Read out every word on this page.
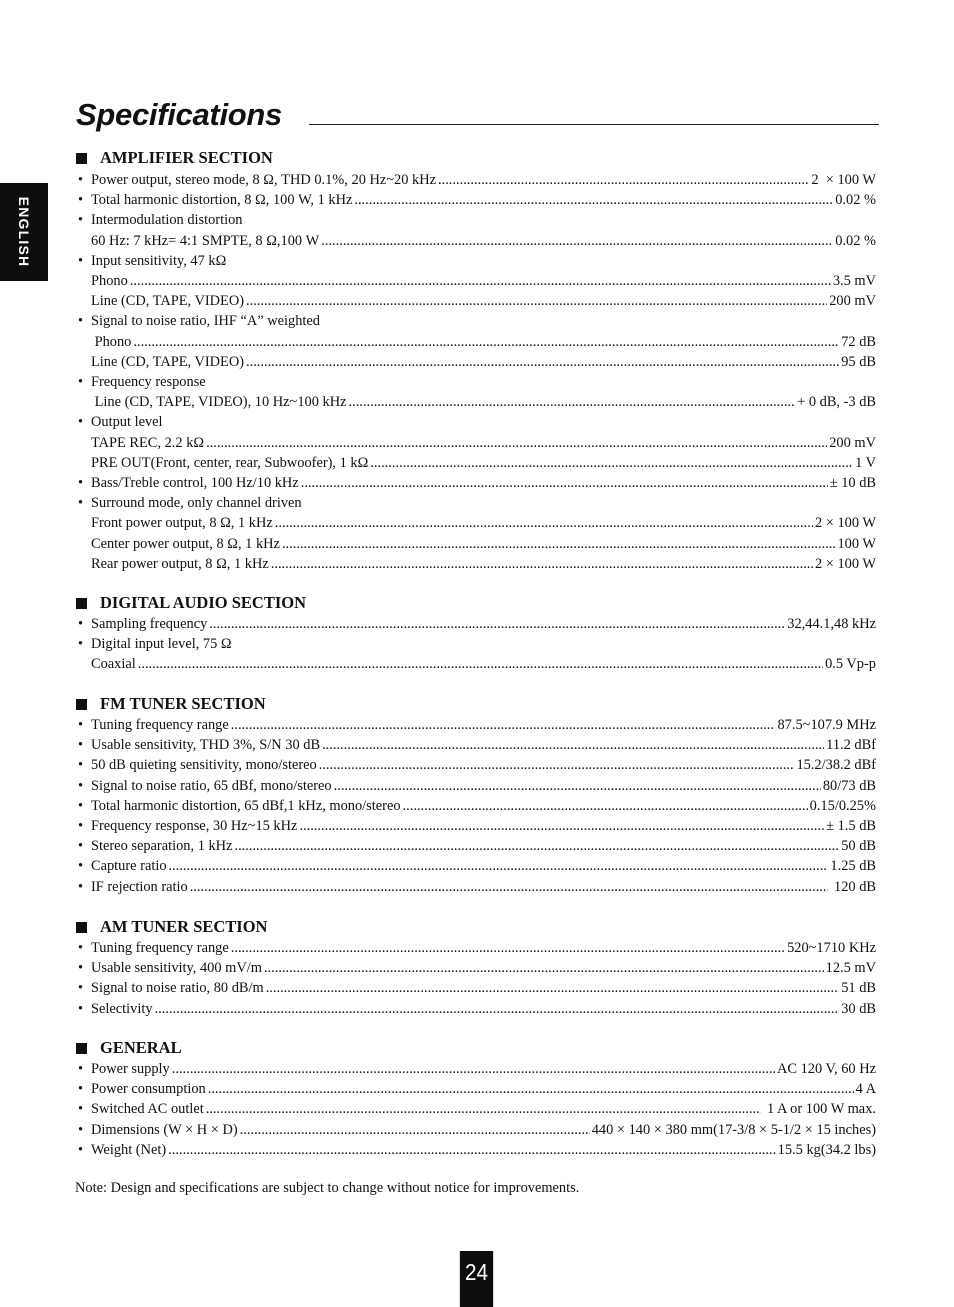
Specifications
ENGLISH
AMPLIFIER SECTION
• Power output, stereo mode, 8 Ω, THD 0.1%, 20 Hz~20 kHz .....	2  × 100 W
• Total harmonic distortion, 8 Ω, 100 W, 1 kHz .....	0.02 %
• Intermodulation distortion
60 Hz: 7 kHz= 4:1 SMPTE, 8 Ω,100 W .....	0.02 %
• Input sensitivity, 47 kΩ
Phono .....	3.5 mV
Line (CD, TAPE, VIDEO) .....	200 mV
• Signal to noise ratio, IHF “A” weighted
Phono .....	72 dB
Line (CD, TAPE, VIDEO) .....	95 dB
• Frequency response
Line (CD, TAPE, VIDEO), 10 Hz~100 kHz .....	+ 0 dB, -3 dB
• Output level
TAPE REC, 2.2 kΩ .....	200 mV
PRE OUT(Front, center, rear, Subwoofer), 1 kΩ .....	1 V
• Bass/Treble control, 100 Hz/10 kHz .....	± 10 dB
• Surround mode, only channel driven
Front power output, 8 Ω, 1 kHz .....	2 × 100 W
Center power output, 8 Ω, 1 kHz .....	100 W
Rear power output, 8 Ω, 1 kHz .....	2 × 100 W
DIGITAL AUDIO SECTION
• Sampling frequency .....	32,44.1,48 kHz
• Digital input level, 75 Ω
Coaxial .....	0.5 Vp-p
FM TUNER SECTION
• Tuning frequency range .....	87.5~107.9 MHz
• Usable sensitivity, THD 3%, S/N 30 dB .....	11.2 dBf
• 50 dB quieting sensitivity, mono/stereo .....	15.2/38.2 dBf
• Signal to noise ratio, 65 dBf, mono/stereo .....	80/73 dB
• Total harmonic distortion, 65 dBf,1 kHz, mono/stereo .....	0.15/0.25%
• Frequency response, 30 Hz~15 kHz .....	± 1.5 dB
• Stereo separation, 1 kHz .....	50 dB
• Capture ratio .....	1.25 dB
• IF rejection ratio .....	120 dB
AM TUNER SECTION
• Tuning frequency range .....	520~1710 KHz
• Usable sensitivity, 400 mV/m .....	12.5 mV
• Signal to noise ratio, 80 dB/m .....	51 dB
• Selectivity .....	30 dB
GENERAL
• Power supply .....	AC 120 V, 60 Hz
• Power consumption .....	4 A
• Switched AC outlet .....	1 A or 100 W max.
• Dimensions (W × H × D) .....	440 × 140 × 380 mm(17-3/8 × 5-1/2 × 15 inches)
• Weight (Net) .....	15.5 kg(34.2 lbs)
Note: Design and specifications are subject to change without notice for improvements.
24
